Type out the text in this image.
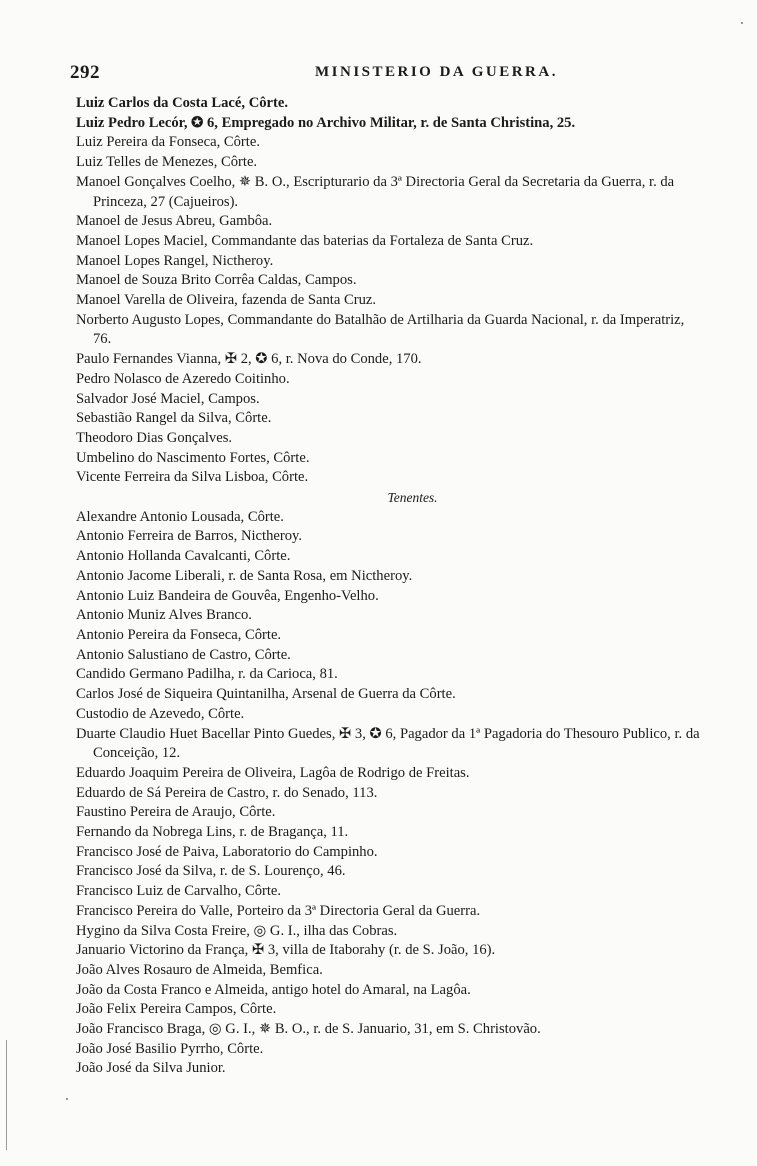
292	MINISTERIO DA GUERRA.

Luiz Carlos da Costa Lacé, Côrte.

Luiz Pedro Lecór, ✪ 6, Empregado no Archivo Militar, r. de Santa Christina, 25.

Luiz Pereira da Fonseca, Côrte.

Luiz Telles de Menezes, Côrte.

Manoel Gonçalves Coelho, ✵ B. O., Escripturario da 3ª Directoria Geral da Secretaria da Guerra, r. da Princeza, 27 (Cajueiros).

Manoel de Jesus Abreu, Gambôa.

Manoel Lopes Maciel, Commandante das baterias da Fortaleza de Santa Cruz.

Manoel Lopes Rangel, Nictheroy.

Manoel de Souza Brito Corrêa Caldas, Campos.

Manoel Varella de Oliveira, fazenda de Santa Cruz.

Norberto Augusto Lopes, Commandante do Batalhão de Artilharia da Guarda Nacional, r. da Imperatriz, 76.

Paulo Fernandes Vianna, ✠ 2, ✪ 6, r. Nova do Conde, 170.

Pedro Nolasco de Azeredo Coitinho.

Salvador José Maciel, Campos.

Sebastião Rangel da Silva, Côrte.

Theodoro Dias Gonçalves.

Umbelino do Nascimento Fortes, Côrte.

Vicente Ferreira da Silva Lisboa, Côrte.

Tenentes.

Alexandre Antonio Lousada, Côrte.

Antonio Ferreira de Barros, Nictheroy.

Antonio Hollanda Cavalcanti, Côrte.

Antonio Jacome Liberali, r. de Santa Rosa, em Nictheroy.

Antonio Luiz Bandeira de Gouvêa, Engenho-Velho.

Antonio Muniz Alves Branco.

Antonio Pereira da Fonseca, Côrte.

Antonio Salustiano de Castro, Côrte.

Candido Germano Padilha, r. da Carioca, 81.

Carlos José de Siqueira Quintanilha, Arsenal de Guerra da Côrte.

Custodio de Azevedo, Côrte.

Duarte Claudio Huet Bacellar Pinto Guedes, ✠ 3, ✪ 6, Pagador da 1ª Pagadoria do Thesouro Publico, r. da Conceição, 12.

Eduardo Joaquim Pereira de Oliveira, Lagôa de Rodrigo de Freitas.

Eduardo de Sá Pereira de Castro, r. do Senado, 113.

Faustino Pereira de Araujo, Côrte.

Fernando da Nobrega Lins, r. de Bragança, 11.

Francisco José de Paiva, Laboratorio do Campinho.

Francisco José da Silva, r. de S. Lourenço, 46.

Francisco Luiz de Carvalho, Côrte.

Francisco Pereira do Valle, Porteiro da 3ª Directoria Geral da Guerra.

Hygino da Silva Costa Freire, ◎ G. I., ilha das Cobras.

Januario Victorino da França, ✠ 3, villa de Itaborahy (r. de S. João, 16).

João Alves Rosauro de Almeida, Bemfica.

João da Costa Franco e Almeida, antigo hotel do Amaral, na Lagôa.

João Felix Pereira Campos, Côrte.

João Francisco Braga, ◎ G. I., ✵ B. O., r. de S. Januario, 31, em S. Christovão.

João José Basilio Pyrrho, Côrte.

João José da Silva Junior.
